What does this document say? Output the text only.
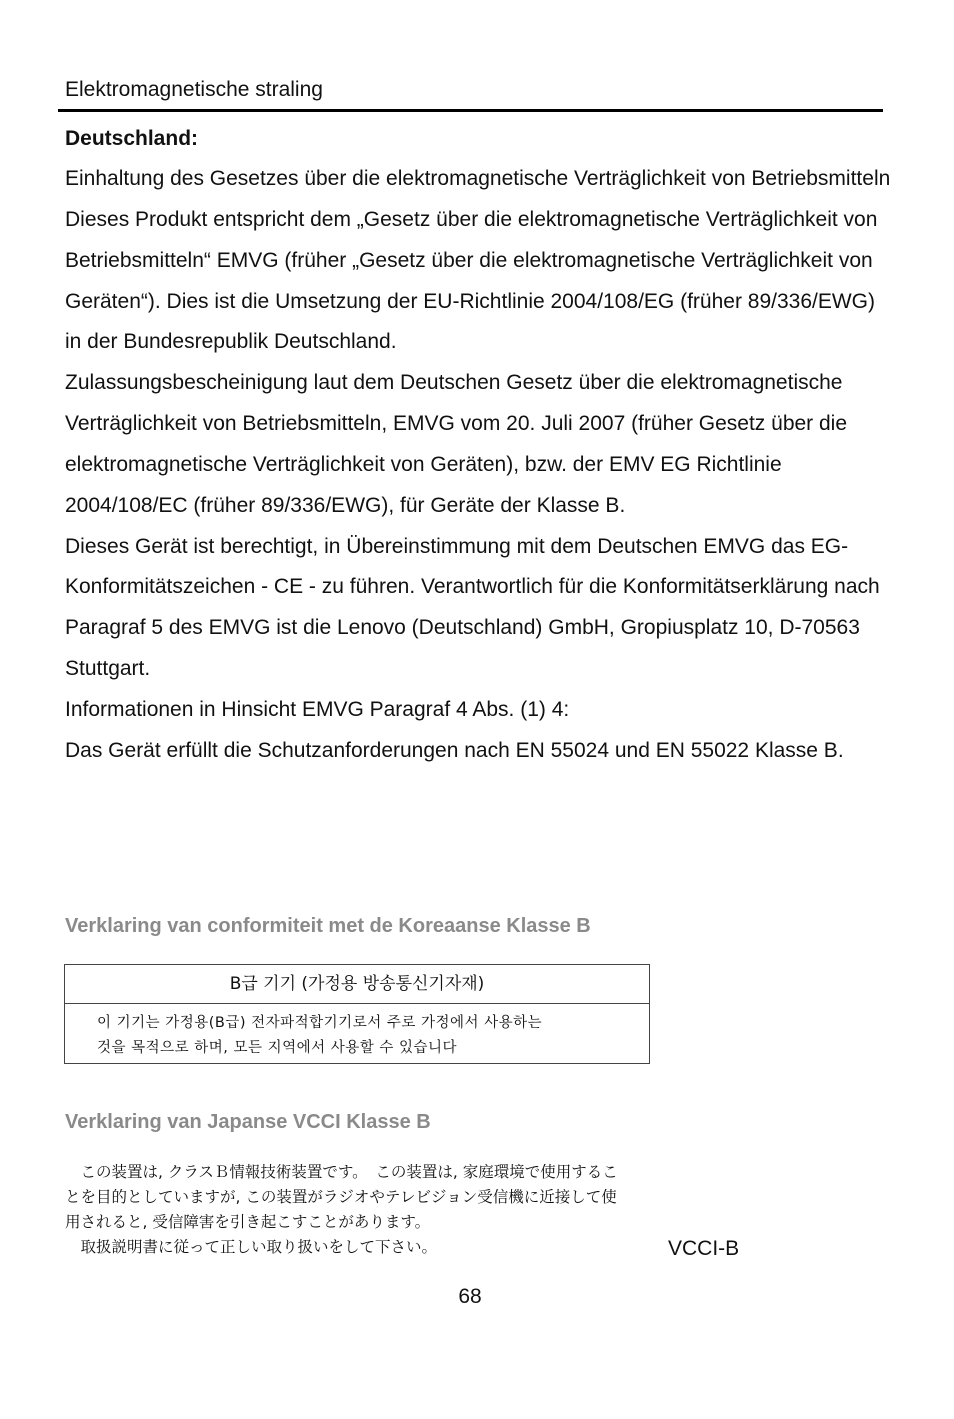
Elektromagnetische straling
Deutschland:

Einhaltung des Gesetzes über die elektromagnetische Verträglichkeit von Betriebsmitteln Dieses Produkt entspricht dem „Gesetz über die elektromagnetische Verträglichkeit von Betriebsmitteln“ EMVG (früher „Gesetz über die elektromagnetische Verträglichkeit von Geräten“). Dies ist die Umsetzung der EU-Richtlinie 2004/108/EG (früher 89/336/EWG) in der Bundesrepublik Deutschland.

Zulassungsbescheinigung laut dem Deutschen Gesetz über die elektromagnetische Verträglichkeit von Betriebsmitteln, EMVG vom 20. Juli 2007 (früher Gesetz über die elektromagnetische Verträglichkeit von Geräten), bzw. der EMV EG Richtlinie 2004/108/EC (früher 89/336/EWG), für Geräte der Klasse B.

Dieses Gerät ist berechtigt, in Übereinstimmung mit dem Deutschen EMVG das EG-Konformitätszeichen - CE - zu führen. Verantwortlich für die Konformitätserklärung nach Paragraf 5 des EMVG ist die Lenovo (Deutschland) GmbH, Gropiusplatz 10, D-70563 Stuttgart.

Informationen in Hinsicht EMVG Paragraf 4 Abs. (1) 4:

Das Gerät erfüllt die Schutzanforderungen nach EN 55024 und EN 55022 Klasse B.

Verklaring van conformiteit met de Koreaanse Klasse B
B급 기기 (가정용 방송통신기자재)
이 기기는 가정용(B급) 전자파적합기기로서 주로 가정에서 사용하는
것을 목적으로 하며, 모든 지역에서 사용할 수 있습니다
Verklaring van Japanse VCCI Klasse B
　この装置は, クラスＢ情報技術装置です。　この装置は, 家庭環境で使用するこ
とを目的としていますが, この装置がラジオやテレビジョン受信機に近接して使
用されると, 受信障害を引き起こすことがあります。
　取扱説明書に従って正しい取り扱いをして下さい。	VCCI-B
68
